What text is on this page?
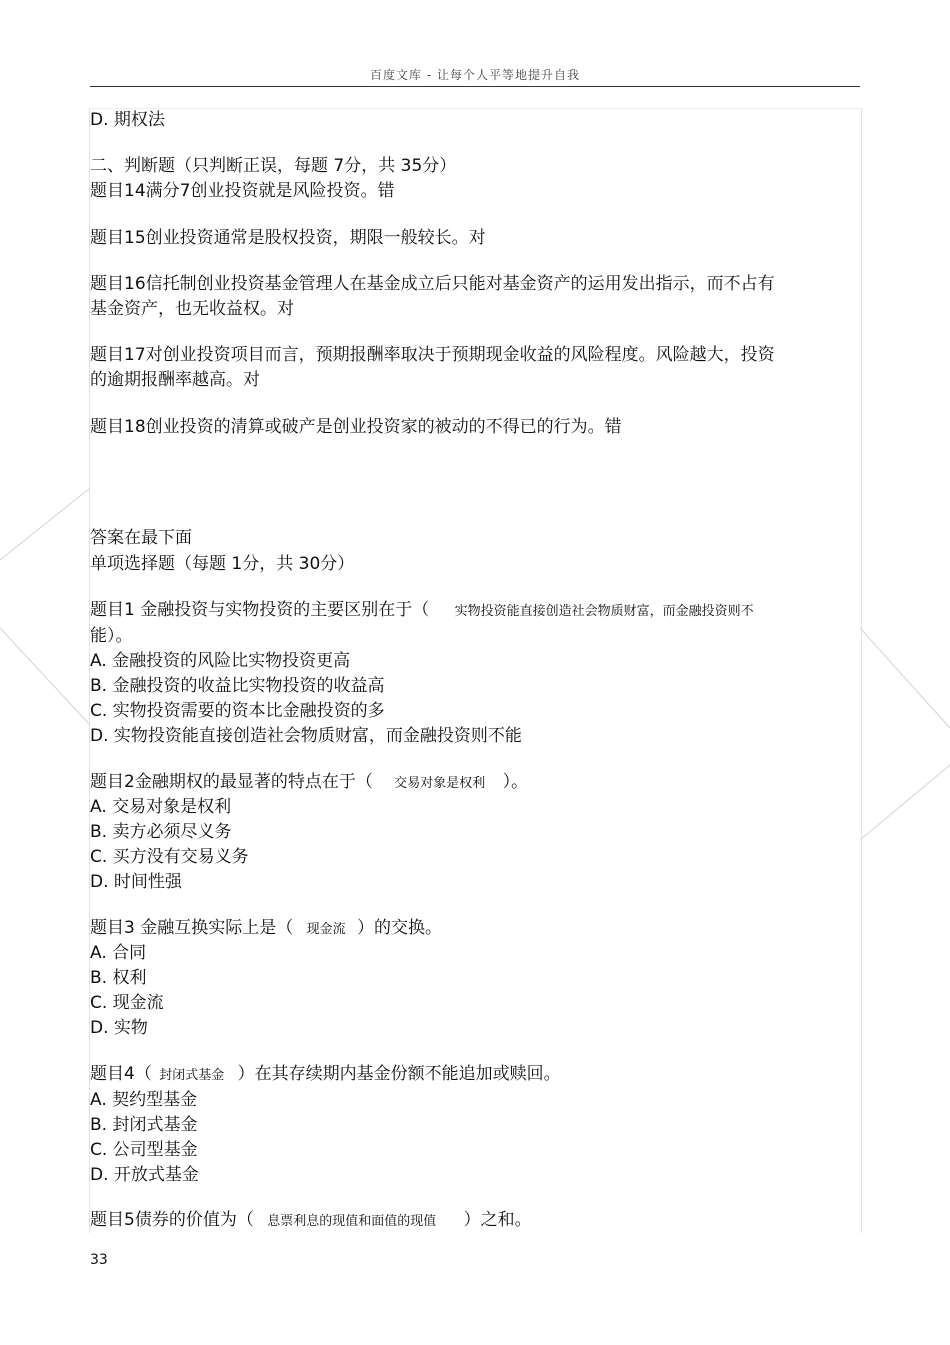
百度文库 - 让每个人平等地提升自我
D. 期权法
二、判断题（只判断正误，每题 7分，共 35分）
题目14满分7创业投资就是风险投资。错
题目15创业投资通常是股权投资，期限一般较长。对
题目16信托制创业投资基金管理人在基金成立后只能对基金资产的运用发出指示，而不占有
基金资产，也无收益权。对
题目17对创业投资项目而言，预期报酬率取决于预期现金收益的风险程度。风险越大，投资
的逾期报酬率越高。对
题目18创业投资的清算或破产是创业投资家的被动的不得已的行为。错
答案在最下面
单项选择题（每题 1分，共 30分）
题目1 金融投资与实物投资的主要区别在于（ 实物投资能直接创造社会物质财富，而金融投资则不
能）。
A. 金融投资的风险比实物投资更高
B. 金融投资的收益比实物投资的收益高
C. 实物投资需要的资本比金融投资的多
D. 实物投资能直接创造社会物质财富，而金融投资则不能
题目2金融期权的最显著的特点在于（ 交易对象是权利 ）。
A. 交易对象是权利
B. 卖方必须尽义务
C. 买方没有交易义务
D. 时间性强
题目3 金融互换实际上是（ 现金流 ）的交换。
A. 合同
B. 权利
C. 现金流
D. 实物
题目4（ 封闭式基金 ）在其存续期内基金份额不能追加或赎回。
A. 契约型基金
B. 封闭式基金
C. 公司型基金
D. 开放式基金
题目5债券的价值为（ 息票利息的现值和面值的现值 ）之和。
33
